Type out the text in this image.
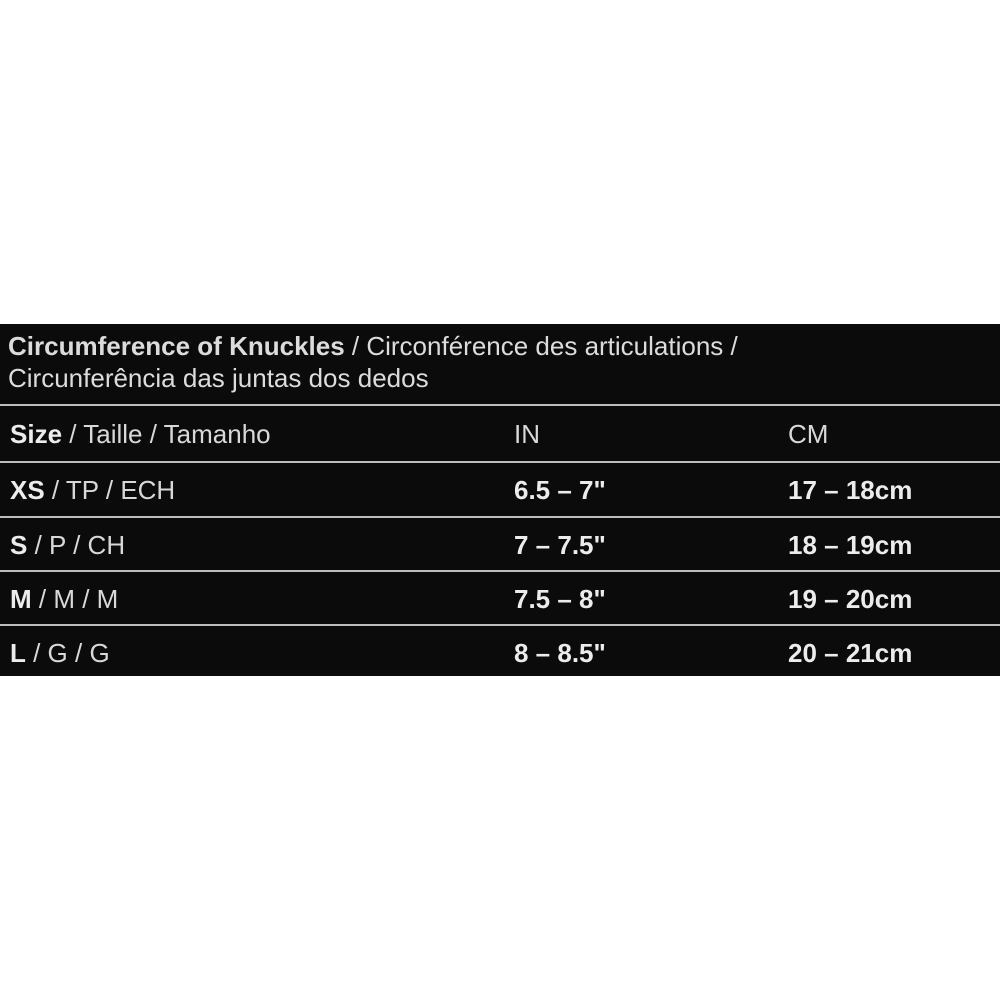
Circumference of Knuckles / Circonférence des articulations /
Circunferência das juntas dos dedos
Size / Taille / Tamanho	IN	CM
XS / TP / ECH	6.5 – 7"	17 – 18cm
S / P / CH	7 – 7.5"	18 – 19cm
M / M / M	7.5 – 8"	19 – 20cm
L / G / G	8 – 8.5"	20 – 21cm
